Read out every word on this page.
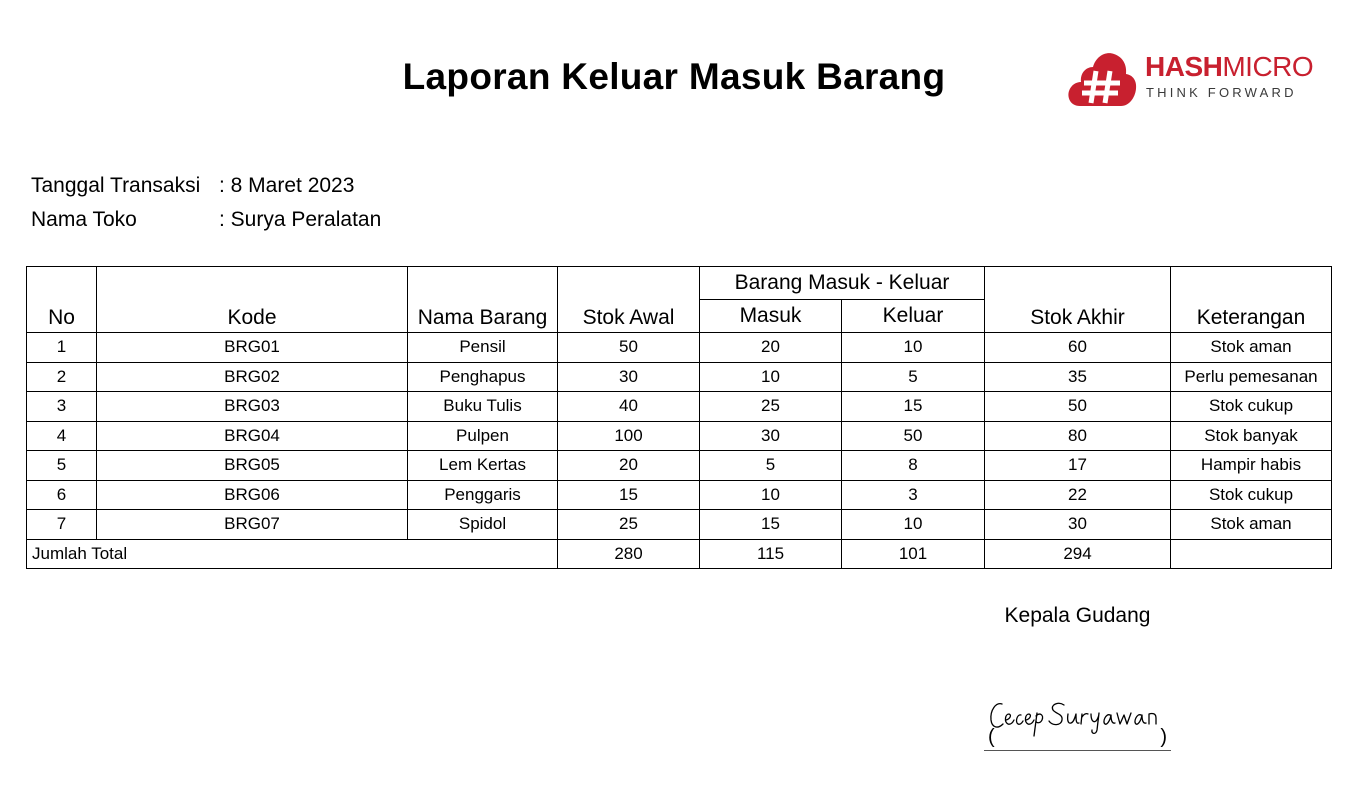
Laporan Keluar Masuk Barang	HASHMICRO
THINK FORWARD
Tanggal Transaksi : 8 Maret 2023
Nama Toko	: Surya Peralatan
No	Kode	Nama Barang	Stok Awal	Barang Masuk - Keluar		Stok Akhir	Keterangan
				Masuk	Keluar		
1	BRG01	Pensil	50	20	10	60	Stok aman
2	BRG02	Penghapus	30	10	5	35	Perlu pemesanan
3	BRG03	Buku Tulis	40	25	15	50	Stok cukup
4	BRG04	Pulpen	100	30	50	80	Stok banyak
5	BRG05	Lem Kertas	20	5	8	17	Hampir habis
6	BRG06	Penggaris	15	10	3	22	Stok cukup
7	BRG07	Spidol	25	15	10	30	Stok aman
Jumlah Total			280	115	101	294	
Kepala Gudang
(	)
